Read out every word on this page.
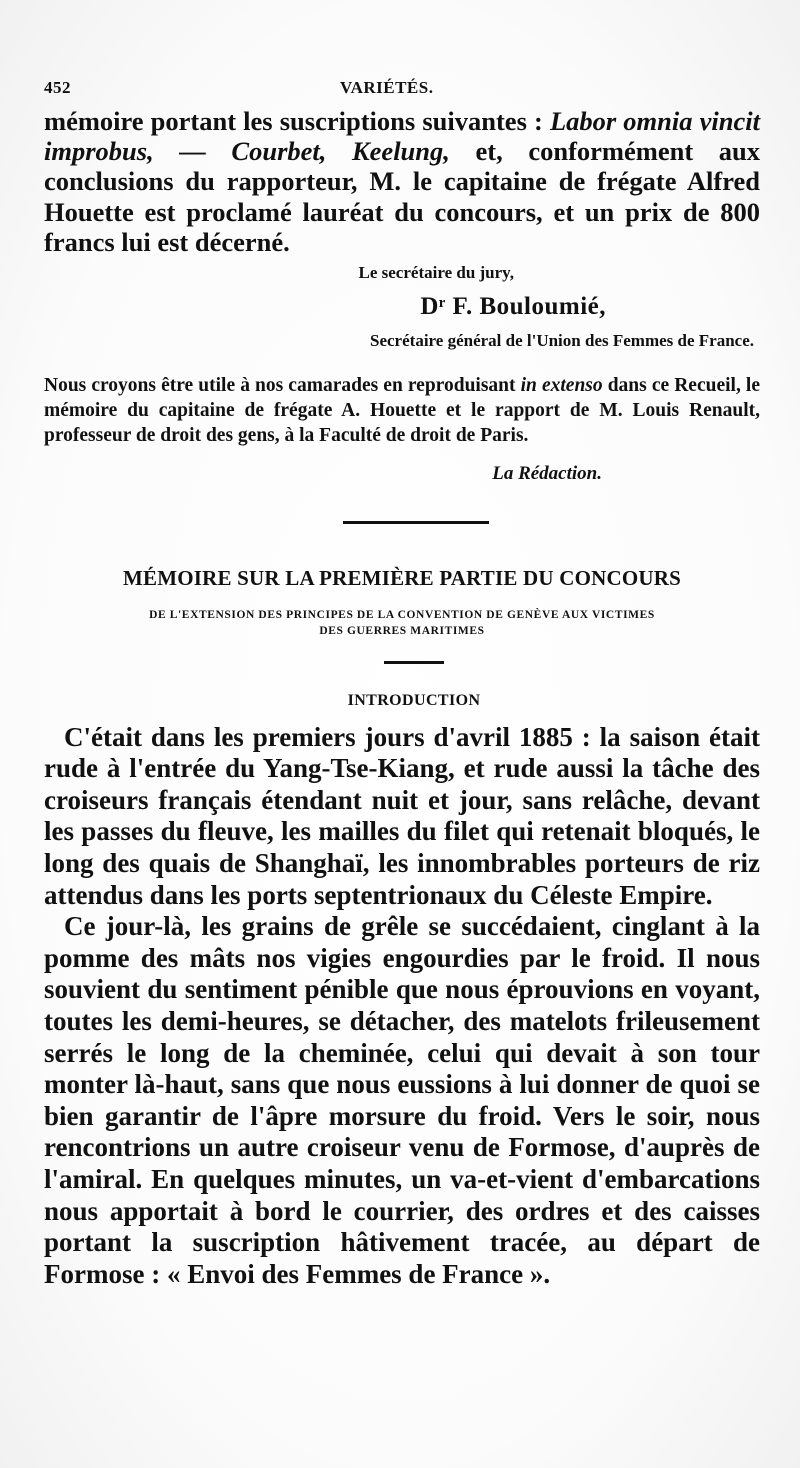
452	VARIÉTÉS.

mémoire portant les suscriptions suivantes : Labor omnia vincit improbus, — Courbet, Keelung, et, conformément aux conclusions du rapporteur, M. le capitaine de frégate Alfred Houette est proclamé lauréat du concours, et un prix de 800 francs lui est décerné.

Le secrétaire du jury,
Dʳ F. Bouloumié,
Secrétaire général de l'Union des Femmes de France.

Nous croyons être utile à nos camarades en reproduisant in extenso dans ce Recueil, le mémoire du capitaine de frégate A. Houette et le rapport de M. Louis Renault, professeur de droit des gens, à la Faculté de droit de Paris.

La Rédaction.
MÉMOIRE SUR LA PREMIÈRE PARTIE DU CONCOURS
DE L'EXTENSION DES PRINCIPES DE LA CONVENTION DE GENÈVE AUX VICTIMES
DES GUERRES MARITIMES
INTRODUCTION

C'était dans les premiers jours d'avril 1885 : la saison était rude à l'entrée du Yang-Tse-Kiang, et rude aussi la tâche des croiseurs français étendant nuit et jour, sans relâche, devant les passes du fleuve, les mailles du filet qui retenait bloqués, le long des quais de Shanghaï, les innombrables porteurs de riz attendus dans les ports septentrionaux du Céleste Empire.

Ce jour-là, les grains de grêle se succédaient, cinglant à la pomme des mâts nos vigies engourdies par le froid. Il nous souvient du sentiment pénible que nous éprouvions en voyant, toutes les demi-heures, se détacher, des matelots frileusement serrés le long de la cheminée, celui qui devait à son tour monter là-haut, sans que nous eussions à lui donner de quoi se bien garantir de l'âpre morsure du froid. Vers le soir, nous rencontrions un autre croiseur venu de Formose, d'auprès de l'amiral. En quelques minutes, un va-et-vient d'embarcations nous apportait à bord le courrier, des ordres et des caisses portant la suscription hâtivement tracée, au départ de Formose : « Envoi des Femmes de France ».
